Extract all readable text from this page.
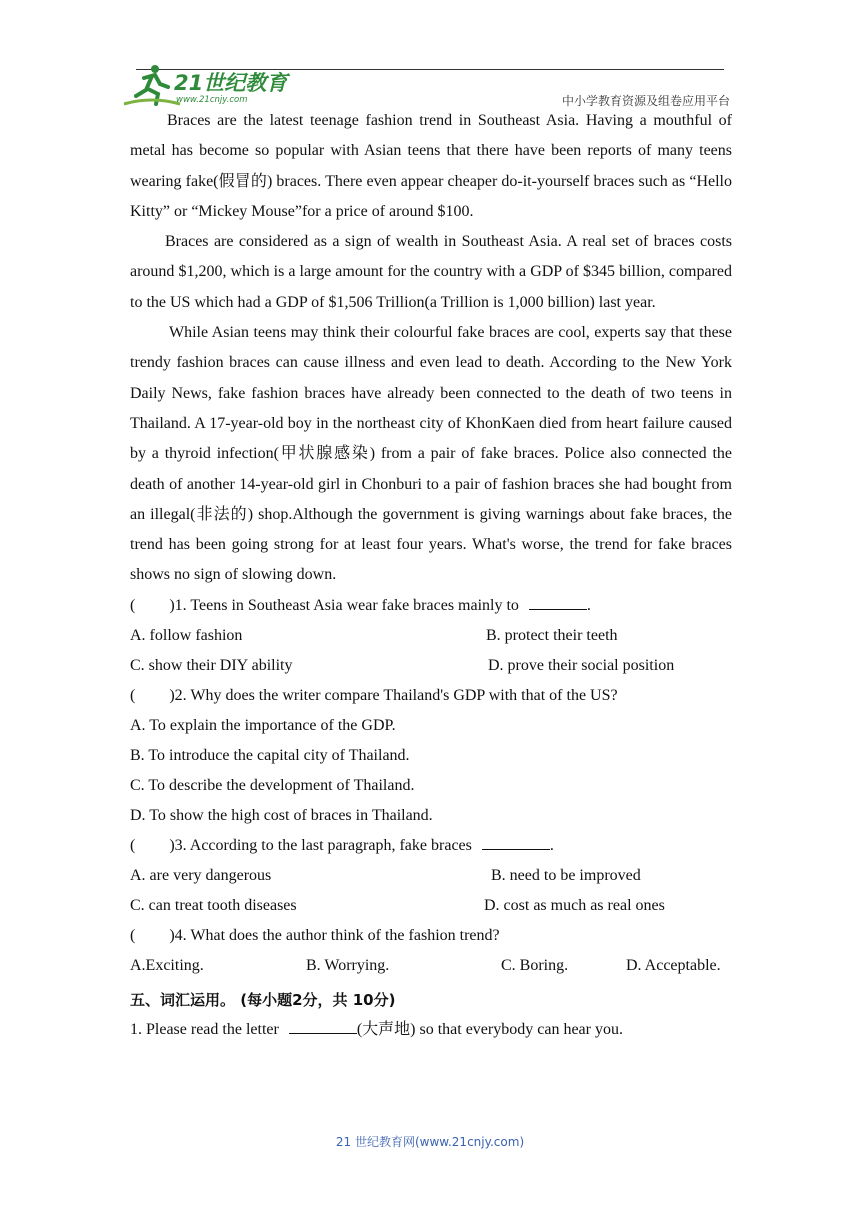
21世纪教育
www.21cnjy.com	中小学教育资源及组卷应用平台

Braces are the latest teenage fashion trend in Southeast Asia. Having a mouthful of metal has become so popular with Asian teens that there have been reports of many teens wearing fake(假冒的) braces. There even appear cheaper do-it-yourself braces such as “Hello Kitty” or “Mickey Mouse”for a price of around $100.

Braces are considered as a sign of wealth in Southeast Asia. A real set of braces costs around $1,200, which is a large amount for the country with a GDP of $345 billion, compared to the US which had a GDP of $1,506 Trillion(a Trillion is 1,000 billion) last year.

While Asian teens may think their colourful fake braces are cool, experts say that these trendy fashion braces can cause illness and even lead to death. According to the New York Daily News, fake fashion braces have already been connected to the death of two teens in Thailand. A 17-year-old boy in the northeast city of KhonKaen died from heart failure caused by a thyroid infection(甲状腺感染) from a pair of fake braces. Police also connected the death of another 14-year-old girl in Chonburi to a pair of fashion braces she had bought from an illegal(非法的) shop.Although the government is giving warnings about fake braces, the trend has been going strong for at least four years. What's worse, the trend for fake braces shows no sign of slowing down.

( )1. Teens in Southeast Asia wear fake braces mainly to	.
A. follow fashion	B. protect their teeth
C. show their DIY ability	D. prove their social position
( )2. Why does the writer compare Thailand's GDP with that of the US?
A. To explain the importance of the GDP.
B. To introduce the capital city of Thailand.
C. To describe the development of Thailand.
D. To show the high cost of braces in Thailand.
( )3. According to the last paragraph, fake braces	.
A. are very dangerous	B. need to be improved
C. can treat tooth diseases	D. cost as much as real ones
( )4. What does the author think of the fashion trend?
A.Exciting.	B. Worrying.	C. Boring.	D. Acceptable.
五、词汇运用。 (每小题2分，共 10分)
1. Please read the letter	(大声地) so that everybody can hear you.
21 世纪教育网(www.21cnjy.com)
